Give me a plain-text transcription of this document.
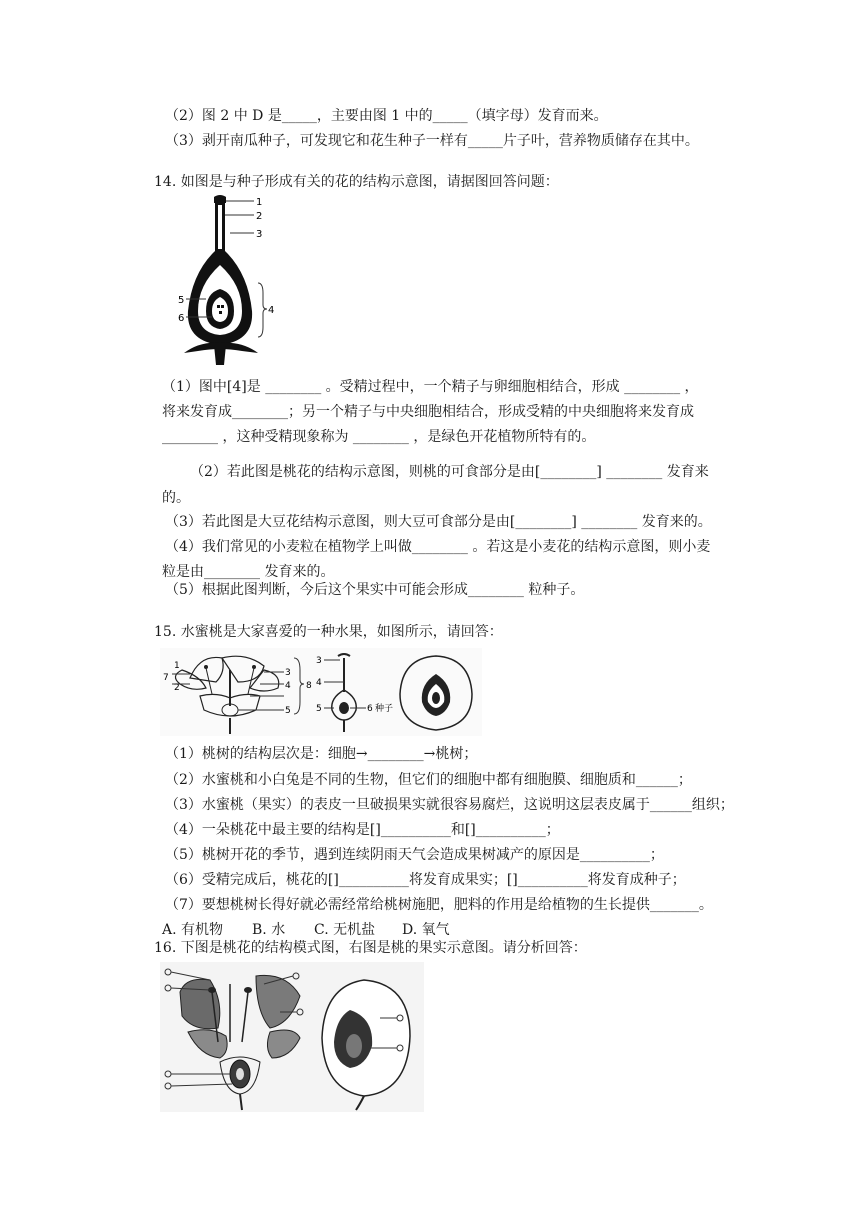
（2）图 2 中 D 是_____，主要由图 1 中的_____（填字母）发育而来。
（3）剥开南瓜种子，可发现它和花生种子一样有_____片子叶，营养物质储存在其中。
14. 如图是与种子形成有关的花的结构示意图，请据图回答问题：
1
2
3
4
5
6
（1）图中[4]是 ________ 。受精过程中，一个精子与卵细胞相结合，形成 ________ ，
将来发育成________；另一个精子与中央细胞相结合，形成受精的中央细胞将来发育成
________ ，这种受精现象称为 ________ ，是绿色开花植物所特有的。
（2）若此图是桃花的结构示意图，则桃的可食部分是由[________] ________ 发育来
的。
（3）若此图是大豆花结构示意图，则大豆可食部分是由[________] ________ 发育来的。
（4）我们常见的小麦粒在植物学上叫做________ 。若这是小麦花的结构示意图，则小麦
粒是由________ 发育来的。
（5）根据此图判断，今后这个果实中可能会形成________ 粒种子。
15. 水蜜桃是大家喜爱的一种水果，如图所示，请回答：
1
2
3
4
5
7
8
3
4
5	6 种子
（1）桃树的结构层次是：细胞→________→桃树；
（2）水蜜桃和小白兔是不同的生物，但它们的细胞中都有细胞膜、细胞质和______；
（3）水蜜桃（果实）的表皮一旦破损果实就很容易腐烂，这说明这层表皮属于______组织；
（4）一朵桃花中最主要的结构是[]__________和[]__________；
（5）桃树开花的季节，遇到连续阴雨天气会造成果树减产的原因是__________；
（6）受精完成后，桃花的[]__________将发育成果实；[]__________将发育成种子；
（7）要想桃树长得好就必需经常给桃树施肥，肥料的作用是给植物的生长提供_______。
A. 有机物 B. 水 C. 无机盐 D. 氧气
16. 下图是桃花的结构模式图，右图是桃的果实示意图。请分析回答：
